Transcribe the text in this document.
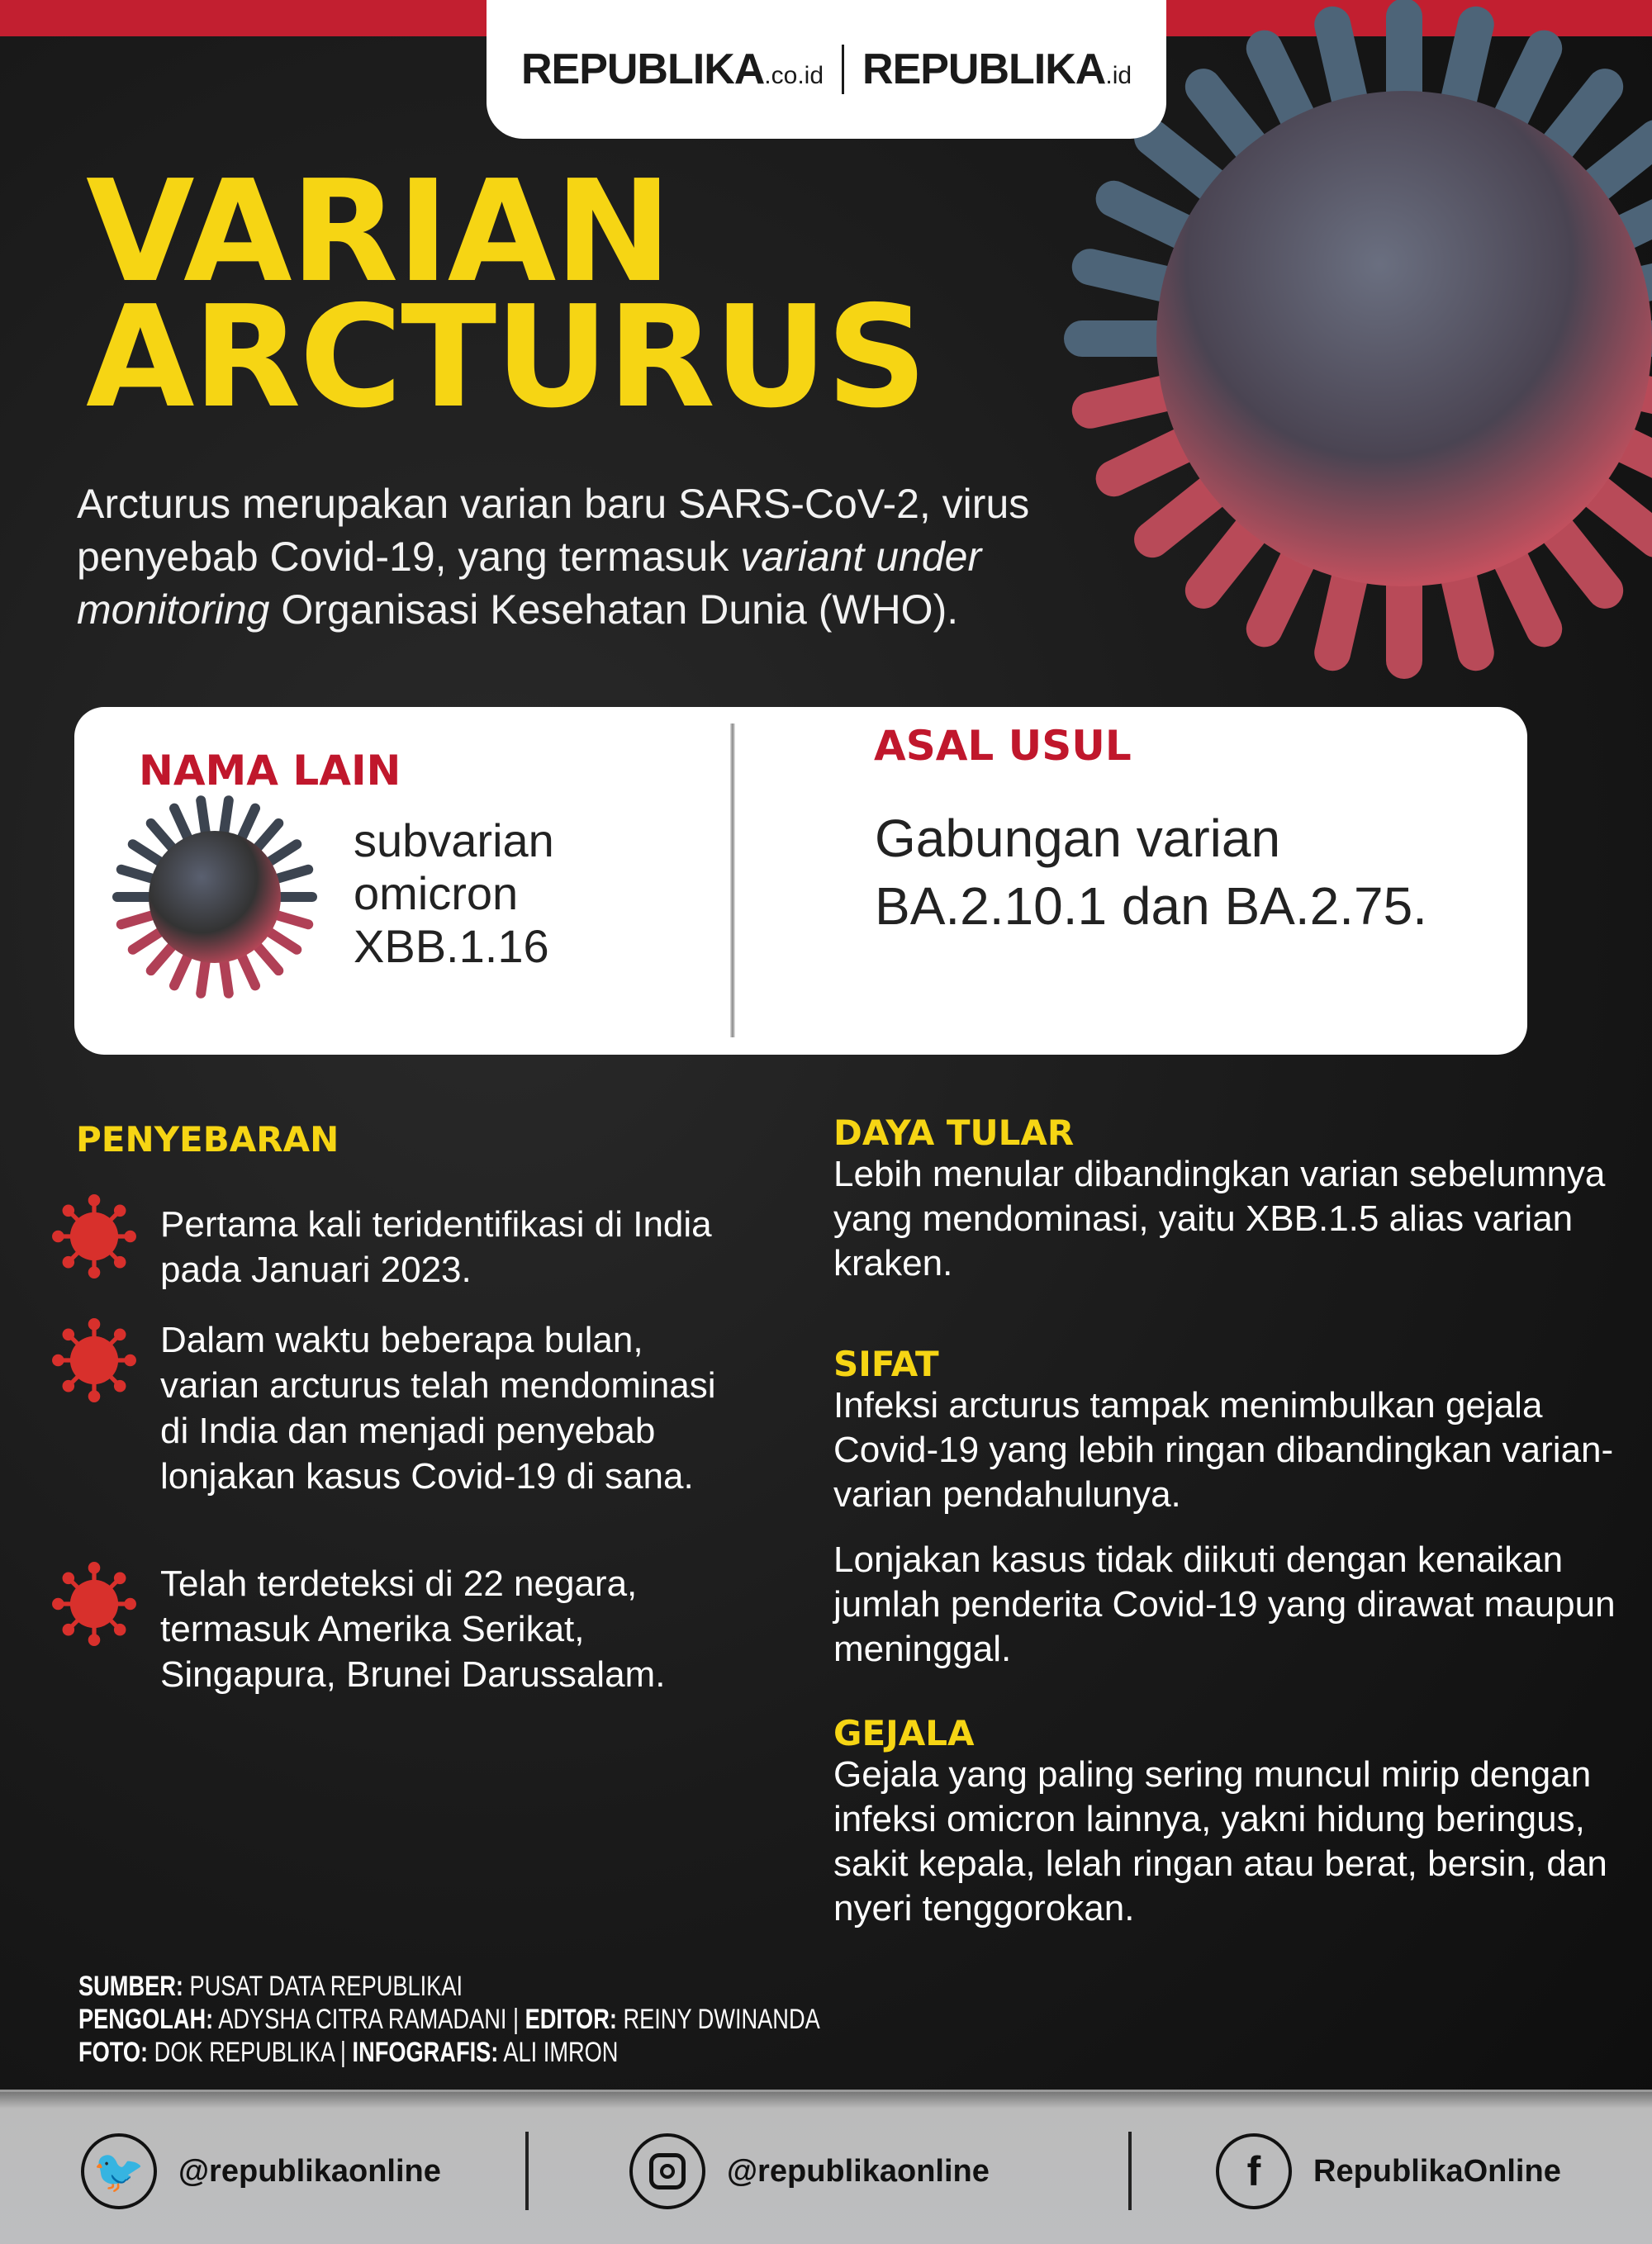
REPUBLIKA.co.id REPUBLIKA.id
VARIAN
ARCTURUS

Arcturus merupakan varian baru SARS-CoV-2, virus penyebab Covid-19, yang termasuk variant under monitoring Organisasi Kesehatan Dunia (WHO).

NAMA LAIN
subvarian omicron XBB.1.16
ASAL USUL
Gabungan varian BA.2.10.1 dan BA.2.75.
PENYEBARAN
Pertama kali teridentifikasi di India pada Januari 2023.
Dalam waktu beberapa bulan, varian arcturus telah mendominasi di India dan menjadi penyebab lonjakan kasus Covid-19 di sana.
Telah terdeteksi di 22 negara, termasuk Amerika Serikat, Singapura, Brunei Darussalam.
DAYA TULAR
Lebih menular dibandingkan varian sebelumnya yang mendominasi, yaitu XBB.1.5 alias varian kraken.
SIFAT
Infeksi arcturus tampak menimbulkan gejala Covid-19 yang lebih ringan dibandingkan varian-varian pendahulunya.
Lonjakan kasus tidak diikuti dengan kenaikan jumlah penderita Covid-19 yang dirawat maupun meninggal.
GEJALA
Gejala yang paling sering muncul mirip dengan infeksi omicron lainnya, yakni hidung beringus, sakit kepala, lelah ringan atau berat, bersin, dan nyeri tenggorokan.
SUMBER: PUSAT DATA REPUBLIKAI
PENGOLAH: ADYSHA CITRA RAMADANI | EDITOR: REINY DWINANDA
FOTO: DOK REPUBLIKA | INFOGRAFIS: ALI IMRON
🐦	@republikaonline	@republikaonline	f	RepublikaOnline
